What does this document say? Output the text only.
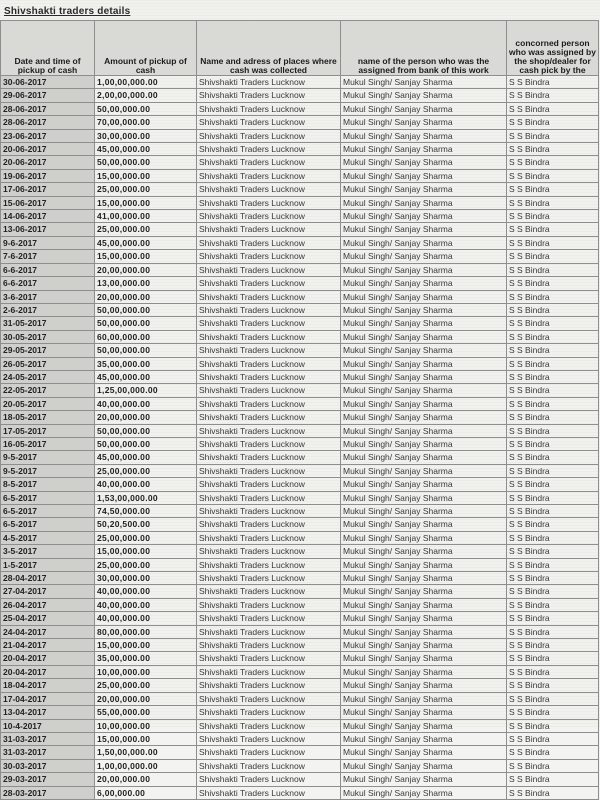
Shivshakti traders details
Date and time of pickup of cash	Amount of pickup of cash	Name and adress of places where cash was collected	name of the person who was the assigned from bank of this work	concorned person who was assigned by the shop/dealer for cash pick by the
30-06-2017	1,00,00,000.00	Shivshakti Traders Lucknow	Mukul Singh/ Sanjay Sharma	S S Bindra
29-06-2017	2,00,00,000.00	Shivshakti Traders Lucknow	Mukul Singh/ Sanjay Sharma	S S Bindra
28-06-2017	50,00,000.00	Shivshakti Traders Lucknow	Mukul Singh/ Sanjay Sharma	S S Bindra
28-06-2017	70,00,000.00	Shivshakti Traders Lucknow	Mukul Singh/ Sanjay Sharma	S S Bindra
23-06-2017	30,00,000.00	Shivshakti Traders Lucknow	Mukul Singh/ Sanjay Sharma	S S Bindra
20-06-2017	45,00,000.00	Shivshakti Traders Lucknow	Mukul Singh/ Sanjay Sharma	S S Bindra
20-06-2017	50,00,000.00	Shivshakti Traders Lucknow	Mukul Singh/ Sanjay Sharma	S S Bindra
19-06-2017	15,00,000.00	Shivshakti Traders Lucknow	Mukul Singh/ Sanjay Sharma	S S Bindra
17-06-2017	25,00,000.00	Shivshakti Traders Lucknow	Mukul Singh/ Sanjay Sharma	S S Bindra
15-06-2017	15,00,000.00	Shivshakti Traders Lucknow	Mukul Singh/ Sanjay Sharma	S S Bindra
14-06-2017	41,00,000.00	Shivshakti Traders Lucknow	Mukul Singh/ Sanjay Sharma	S S Bindra
13-06-2017	25,00,000.00	Shivshakti Traders Lucknow	Mukul Singh/ Sanjay Sharma	S S Bindra
9-6-2017	45,00,000.00	Shivshakti Traders Lucknow	Mukul Singh/ Sanjay Sharma	S S Bindra
7-6-2017	15,00,000.00	Shivshakti Traders Lucknow	Mukul Singh/ Sanjay Sharma	S S Bindra
6-6-2017	20,00,000.00	Shivshakti Traders Lucknow	Mukul Singh/ Sanjay Sharma	S S Bindra
6-6-2017	13,00,000.00	Shivshakti Traders Lucknow	Mukul Singh/ Sanjay Sharma	S S Bindra
3-6-2017	20,00,000.00	Shivshakti Traders Lucknow	Mukul Singh/ Sanjay Sharma	S S Bindra
2-6-2017	50,00,000.00	Shivshakti Traders Lucknow	Mukul Singh/ Sanjay Sharma	S S Bindra
31-05-2017	50,00,000.00	Shivshakti Traders Lucknow	Mukul Singh/ Sanjay Sharma	S S Bindra
30-05-2017	60,00,000.00	Shivshakti Traders Lucknow	Mukul Singh/ Sanjay Sharma	S S Bindra
29-05-2017	50,00,000.00	Shivshakti Traders Lucknow	Mukul Singh/ Sanjay Sharma	S S Bindra
26-05-2017	35,00,000.00	Shivshakti Traders Lucknow	Mukul Singh/ Sanjay Sharma	S S Bindra
24-05-2017	45,00,000.00	Shivshakti Traders Lucknow	Mukul Singh/ Sanjay Sharma	S S Bindra
22-05-2017	1,25,00,000.00	Shivshakti Traders Lucknow	Mukul Singh/ Sanjay Sharma	S S Bindra
20-05-2017	40,00,000.00	Shivshakti Traders Lucknow	Mukul Singh/ Sanjay Sharma	S S Bindra
18-05-2017	20,00,000.00	Shivshakti Traders Lucknow	Mukul Singh/ Sanjay Sharma	S S Bindra
17-05-2017	50,00,000.00	Shivshakti Traders Lucknow	Mukul Singh/ Sanjay Sharma	S S Bindra
16-05-2017	50,00,000.00	Shivshakti Traders Lucknow	Mukul Singh/ Sanjay Sharma	S S Bindra
9-5-2017	45,00,000.00	Shivshakti Traders Lucknow	Mukul Singh/ Sanjay Sharma	S S Bindra
9-5-2017	25,00,000.00	Shivshakti Traders Lucknow	Mukul Singh/ Sanjay Sharma	S S Bindra
8-5-2017	40,00,000.00	Shivshakti Traders Lucknow	Mukul Singh/ Sanjay Sharma	S S Bindra
6-5-2017	1,53,00,000.00	Shivshakti Traders Lucknow	Mukul Singh/ Sanjay Sharma	S S Bindra
6-5-2017	74,50,000.00	Shivshakti Traders Lucknow	Mukul Singh/ Sanjay Sharma	S S Bindra
6-5-2017	50,20,500.00	Shivshakti Traders Lucknow	Mukul Singh/ Sanjay Sharma	S S Bindra
4-5-2017	25,00,000.00	Shivshakti Traders Lucknow	Mukul Singh/ Sanjay Sharma	S S Bindra
3-5-2017	15,00,000.00	Shivshakti Traders Lucknow	Mukul Singh/ Sanjay Sharma	S S Bindra
1-5-2017	25,00,000.00	Shivshakti Traders Lucknow	Mukul Singh/ Sanjay Sharma	S S Bindra
28-04-2017	30,00,000.00	Shivshakti Traders Lucknow	Mukul Singh/ Sanjay Sharma	S S Bindra
27-04-2017	40,00,000.00	Shivshakti Traders Lucknow	Mukul Singh/ Sanjay Sharma	S S Bindra
26-04-2017	40,00,000.00	Shivshakti Traders Lucknow	Mukul Singh/ Sanjay Sharma	S S Bindra
25-04-2017	40,00,000.00	Shivshakti Traders Lucknow	Mukul Singh/ Sanjay Sharma	S S Bindra
24-04-2017	80,00,000.00	Shivshakti Traders Lucknow	Mukul Singh/ Sanjay Sharma	S S Bindra
21-04-2017	15,00,000.00	Shivshakti Traders Lucknow	Mukul Singh/ Sanjay Sharma	S S Bindra
20-04-2017	35,00,000.00	Shivshakti Traders Lucknow	Mukul Singh/ Sanjay Sharma	S S Bindra
20-04-2017	10,00,000.00	Shivshakti Traders Lucknow	Mukul Singh/ Sanjay Sharma	S S Bindra
18-04-2017	25,00,000.00	Shivshakti Traders Lucknow	Mukul Singh/ Sanjay Sharma	S S Bindra
17-04-2017	20,00,000.00	Shivshakti Traders Lucknow	Mukul Singh/ Sanjay Sharma	S S Bindra
13-04-2017	55,00,000.00	Shivshakti Traders Lucknow	Mukul Singh/ Sanjay Sharma	S S Bindra
10-4-2017	10,00,000.00	Shivshakti Traders Lucknow	Mukul Singh/ Sanjay Sharma	S S Bindra
31-03-2017	15,00,000.00	Shivshakti Traders Lucknow	Mukul Singh/ Sanjay Sharma	S S Bindra
31-03-2017	1,50,00,000.00	Shivshakti Traders Lucknow	Mukul Singh/ Sanjay Sharma	S S Bindra
30-03-2017	1,00,00,000.00	Shivshakti Traders Lucknow	Mukul Singh/ Sanjay Sharma	S S Bindra
29-03-2017	20,00,000.00	Shivshakti Traders Lucknow	Mukul Singh/ Sanjay Sharma	S S Bindra
28-03-2017	6,00,000.00	Shivshakti Traders Lucknow	Mukul Singh/ Sanjay Sharma	S S Bindra
